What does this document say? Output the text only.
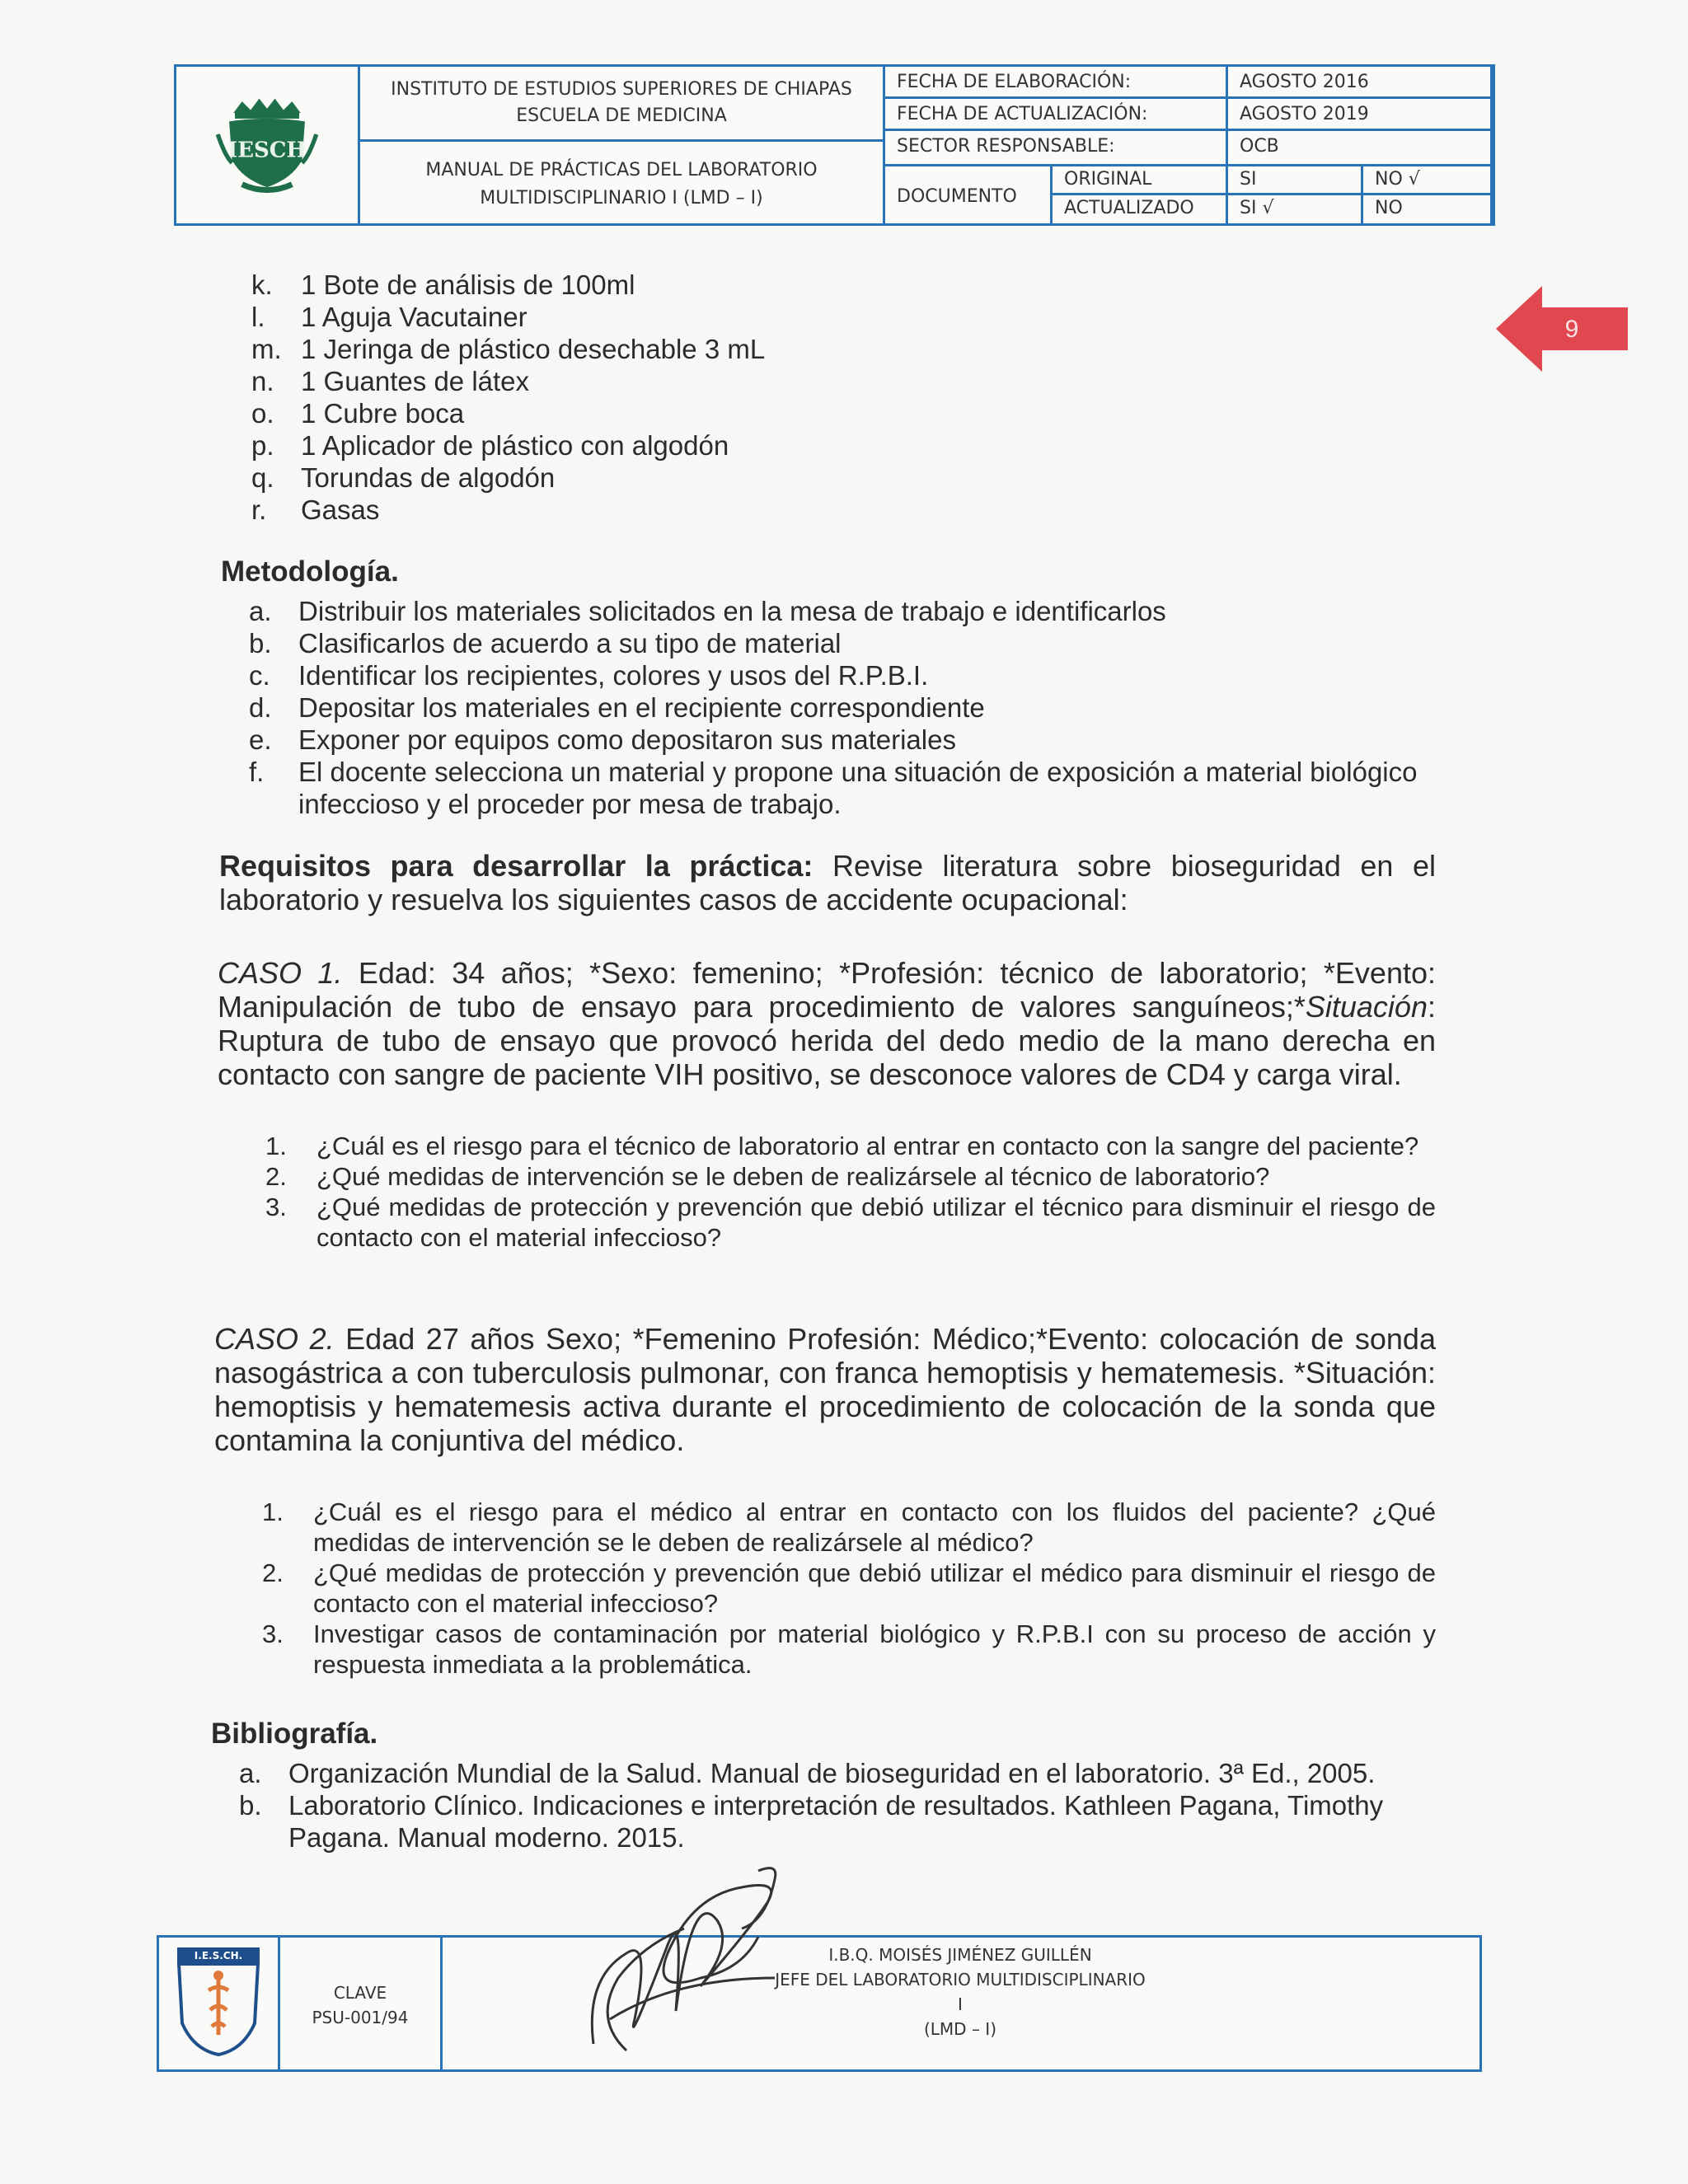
IESCH
INSTITUTO DE ESTUDIOS SUPERIORES DE CHIAPAS
ESCUELA DE MEDICINA
MANUAL DE PRÁCTICAS DEL LABORATORIO
MULTIDISCIPLINARIO I (LMD – I)
FECHA DE ELABORACIÓN:	AGOSTO 2016
FECHA DE ACTUALIZACIÓN:	AGOSTO 2019
SECTOR RESPONSABLE:	OCB
DOCUMENTO
ORIGINAL	SI	NO √
ACTUALIZADO	SI √	NO
9
k.	1 Bote de análisis de 100ml
l.	1 Aguja Vacutainer
m. 1 Jeringa de plástico desechable 3 mL
n. 1 Guantes de látex
o. 1 Cubre boca
p. 1 Aplicador de plástico con algodón
q. Torundas de algodón
r.	Gasas
Metodología.
a. Distribuir los materiales solicitados en la mesa de trabajo e identificarlos
b. Clasificarlos de acuerdo a su tipo de material
c.	Identificar los recipientes, colores y usos del R.P.B.I.
d. Depositar los materiales en el recipiente correspondiente
e. Exponer por equipos como depositaron sus materiales
f.	El docente selecciona un material y propone una situación de exposición a material biológico infeccioso y el proceder por mesa de trabajo.
Requisitos para desarrollar la práctica: Revise literatura sobre bioseguridad en el laboratorio y resuelva los siguientes casos de accidente ocupacional:
CASO 1. Edad: 34 años; *Sexo: femenino; *Profesión: técnico de laboratorio; *Evento: Manipulación de tubo de ensayo para procedimiento de valores sanguíneos;*Situación: Ruptura de tubo de ensayo que provocó herida del dedo medio de la mano derecha en contacto con sangre de paciente VIH positivo, se desconoce valores de CD4 y carga viral.
1.	¿Cuál es el riesgo para el técnico de laboratorio al entrar en contacto con la sangre del paciente?
2.	¿Qué medidas de intervención se le deben de realizársele al técnico de laboratorio?
3.	¿Qué medidas de protección y prevención que debió utilizar el técnico para disminuir el riesgo de contacto con el material infeccioso?
CASO 2. Edad 27 años Sexo; *Femenino Profesión: Médico;*Evento: colocación de sonda nasogástrica a con tuberculosis pulmonar, con franca hemoptisis y hematemesis. *Situación: hemoptisis y hematemesis activa durante el procedimiento de colocación de la sonda que contamina la conjuntiva del médico.
1.	¿Cuál es el riesgo para el médico al entrar en contacto con los fluidos del paciente? ¿Qué medidas de intervención se le deben de realizársele al médico?
2.	¿Qué medidas de protección y prevención que debió utilizar el médico para disminuir el riesgo de contacto con el material infeccioso?
3.	Investigar casos de contaminación por material biológico y R.P.B.I con su proceso de acción y respuesta inmediata a la problemática.
Bibliografía.
a. Organización Mundial de la Salud. Manual de bioseguridad en el laboratorio. 3ª Ed., 2005.
b. Laboratorio Clínico. Indicaciones e interpretación de resultados. Kathleen Pagana, Timothy Pagana. Manual moderno. 2015.
I.E.S.CH.
CLAVE
PSU-001/94
I.B.Q. MOISÉS JIMÉNEZ GUILLÉN
JEFE DEL LABORATORIO MULTIDISCIPLINARIO I
(LMD – I)
